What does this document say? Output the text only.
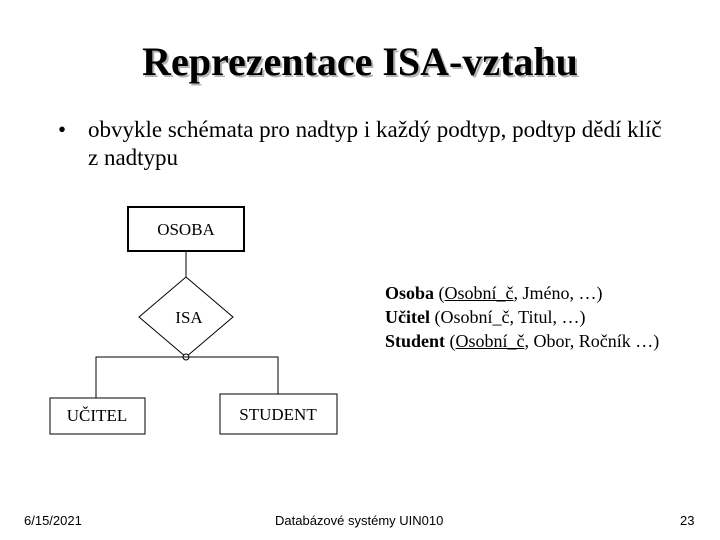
Reprezentace ISA-vztahu
• obvykle schémata pro nadtyp i každý podtyp, podtyp dědí klíč z nadtypu
OSOBA
ISA
UČITEL	STUDENT
Osoba (Osobní_č, Jméno, …)
Učitel (Osobní_č, Titul, …)
Student (Osobní_č, Obor, Ročník …)
6/15/2021	Databázové systémy UIN010	23
